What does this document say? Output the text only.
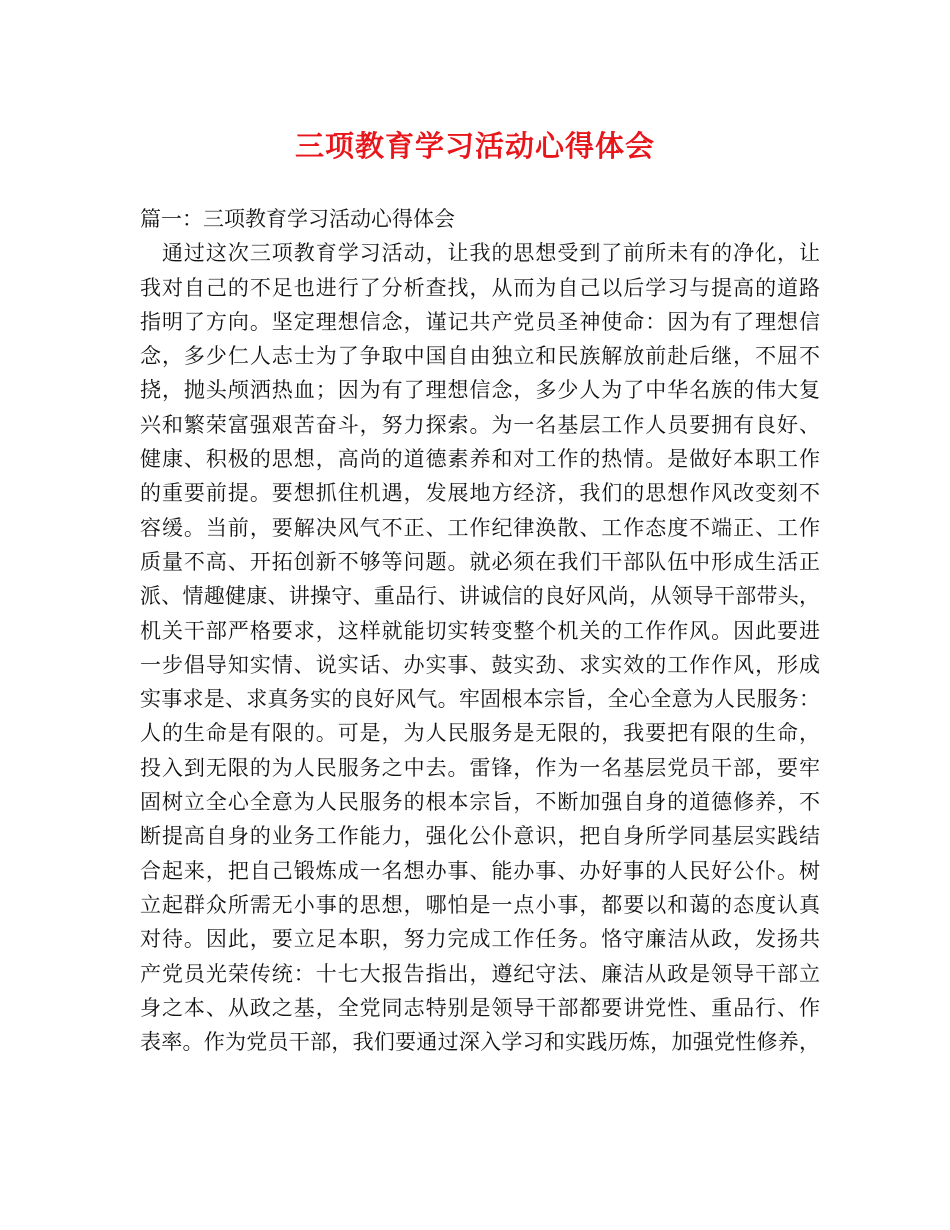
三项教育学习活动心得体会
篇一：三项教育学习活动心得体会
　通过这次三项教育学习活动，让我的思想受到了前所未有的净化，让
我对自己的不足也进行了分析查找，从而为自己以后学习与提高的道路
指明了方向。坚定理想信念，谨记共产党员圣神使命：因为有了理想信
念，多少仁人志士为了争取中国自由独立和民族解放前赴后继，不屈不
挠，抛头颅洒热血；因为有了理想信念，多少人为了中华名族的伟大复
兴和繁荣富强艰苦奋斗，努力探索。为一名基层工作人员要拥有良好、
健康、积极的思想，高尚的道德素养和对工作的热情。是做好本职工作
的重要前提。要想抓住机遇，发展地方经济，我们的思想作风改变刻不
容缓。当前，要解决风气不正、工作纪律涣散、工作态度不端正、工作
质量不高、开拓创新不够等问题。就必须在我们干部队伍中形成生活正
派、情趣健康、讲操守、重品行、讲诚信的良好风尚，从领导干部带头，
机关干部严格要求，这样就能切实转变整个机关的工作作风。因此要进
一步倡导知实情、说实话、办实事、鼓实劲、求实效的工作作风，形成
实事求是、求真务实的良好风气。牢固根本宗旨，全心全意为人民服务：
人的生命是有限的。可是，为人民服务是无限的，我要把有限的生命，
投入到无限的为人民服务之中去。雷锋，作为一名基层党员干部，要牢
固树立全心全意为人民服务的根本宗旨，不断加强自身的道德修养，不
断提高自身的业务工作能力，强化公仆意识，把自身所学同基层实践结
合起来，把自己锻炼成一名想办事、能办事、办好事的人民好公仆。树
立起群众所需无小事的思想，哪怕是一点小事，都要以和蔼的态度认真
对待。因此，要立足本职，努力完成工作任务。恪守廉洁从政，发扬共
产党员光荣传统：十七大报告指出，遵纪守法、廉洁从政是领导干部立
身之本、从政之基，全党同志特别是领导干部都要讲党性、重品行、作
表率。作为党员干部，我们要通过深入学习和实践历炼，加强党性修养，
